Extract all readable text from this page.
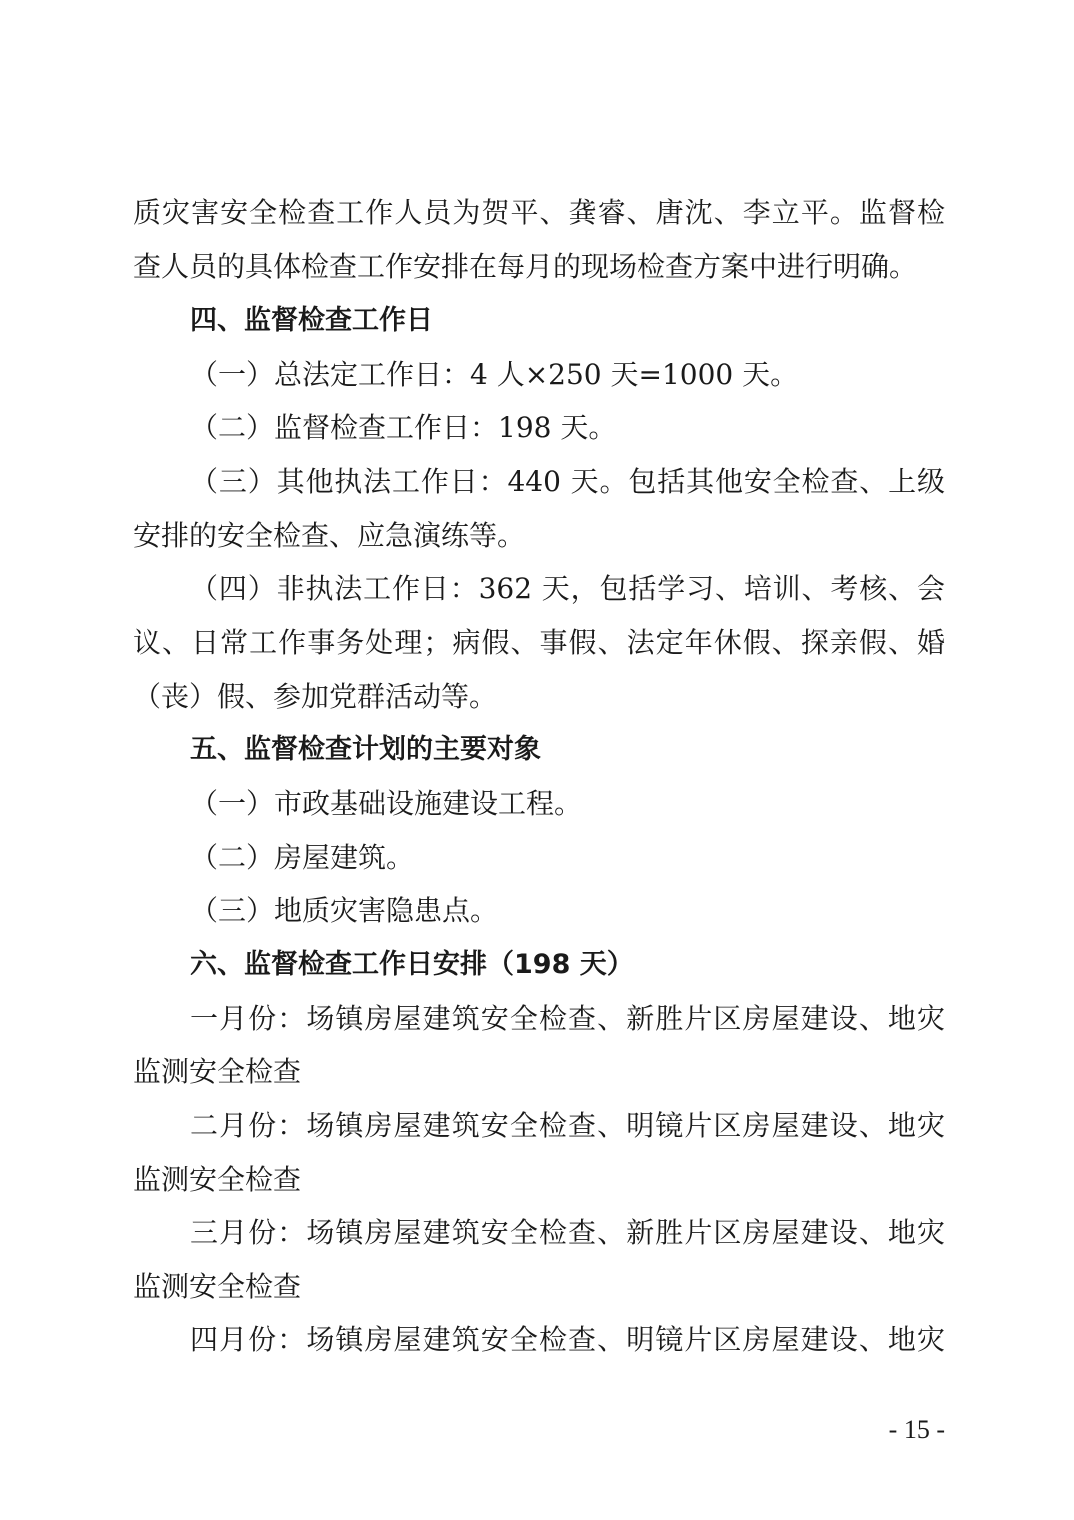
质灾害安全检查工作人员为贺平、龚睿、唐沈、李立平。监督检
查人员的具体检查工作安排在每月的现场检查方案中进行明确。
四、监督检查工作日
（一）总法定工作日：4 人×250 天=1000 天。
（二）监督检查工作日：198 天。
（三）其他执法工作日：440 天。包括其他安全检查、上级
安排的安全检查、应急演练等。
（四）非执法工作日：362 天，包括学习、培训、考核、会
议、日常工作事务处理；病假、事假、法定年休假、探亲假、婚
（丧）假、参加党群活动等。
五、监督检查计划的主要对象
（一）市政基础设施建设工程。
（二）房屋建筑。
（三）地质灾害隐患点。
六、监督检查工作日安排（198 天）
一月份：场镇房屋建筑安全检查、新胜片区房屋建设、地灾
监测安全检查
二月份：场镇房屋建筑安全检查、明镜片区房屋建设、地灾
监测安全检查
三月份：场镇房屋建筑安全检查、新胜片区房屋建设、地灾
监测安全检查
四月份：场镇房屋建筑安全检查、明镜片区房屋建设、地灾
- 15 -
